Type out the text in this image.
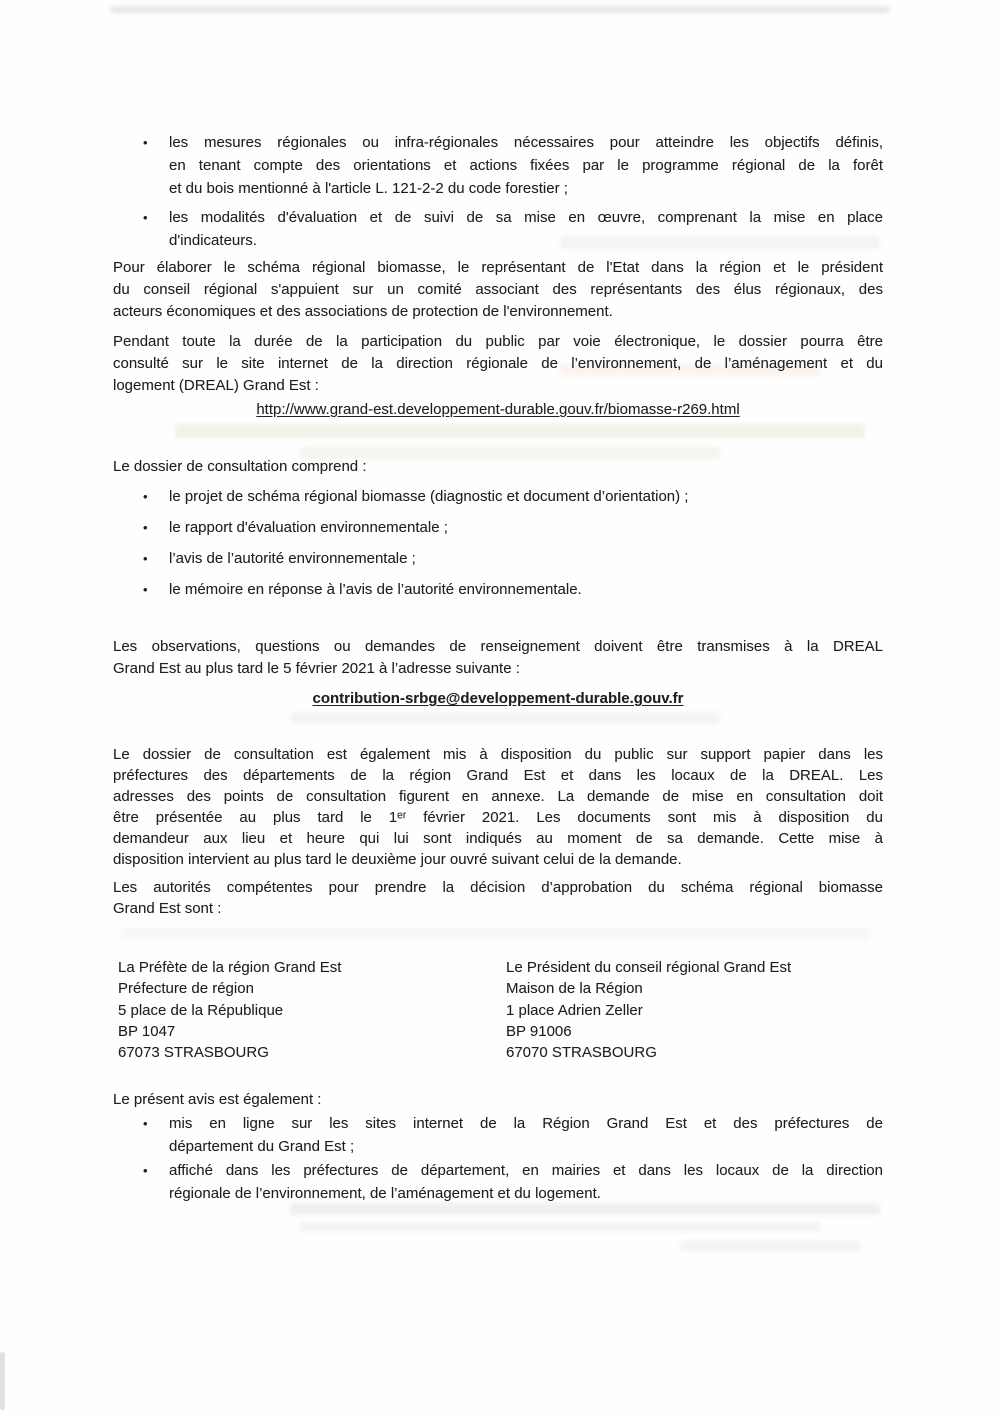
•	les mesures régionales ou infra-régionales nécessaires pour atteindre les objectifs définis,
en tenant compte des orientations et actions fixées par le programme régional de la forêt
et du bois mentionné à l'article L. 121-2-2 du code forestier ;
•	les modalités d'évaluation et de suivi de sa mise en œuvre, comprenant la mise en place
d'indicateurs.
Pour élaborer le schéma régional biomasse, le représentant de l'Etat dans la région et le président
du conseil régional s'appuient sur un comité associant des représentants des élus régionaux, des
acteurs économiques et des associations de protection de l'environnement.
Pendant toute la durée de la participation du public par voie électronique, le dossier pourra être
consulté sur le site internet de la direction régionale de l’environnement, de l’aménagement et du
logement (DREAL) Grand Est :
http://www.grand-est.developpement-durable.gouv.fr/biomasse-r269.html
Le dossier de consultation comprend :
•	le projet de schéma régional biomasse (diagnostic et document d’orientation) ;
•	le rapport d'évaluation environnementale ;
•	l’avis de l’autorité environnementale ;
•	le mémoire en réponse à l’avis de l’autorité environnementale.
Les observations, questions ou demandes de renseignement doivent être transmises à la DREAL
Grand Est au plus tard le 5 février 2021 à l’adresse suivante :
contribution-srbge@developpement-durable.gouv.fr
Le dossier de consultation est également mis à disposition du public sur support papier dans les
préfectures des départements de la région Grand Est et dans les locaux de la DREAL. Les
adresses des points de consultation figurent en annexe. La demande de mise en consultation doit
être présentée au plus tard le 1ᵉʳ février 2021. Les documents sont mis à disposition du
demandeur aux lieu et heure qui lui sont indiqués au moment de sa demande. Cette mise à
disposition intervient au plus tard le deuxième jour ouvré suivant celui de la demande.
Les autorités compétentes pour prendre la décision d’approbation du schéma régional biomasse
Grand Est sont :
La Préfète de la région Grand Est
Préfecture de région
5 place de la République
BP 1047
67073 STRASBOURG
Le Président du conseil régional Grand Est
Maison de la Région
1 place Adrien Zeller
BP 91006
67070 STRASBOURG
Le présent avis est également :
•	mis en ligne sur les sites internet de la Région Grand Est et des préfectures de
département du Grand Est ;
•	affiché dans les préfectures de département, en mairies et dans les locaux de la direction
régionale de l’environnement, de l’aménagement et du logement.
